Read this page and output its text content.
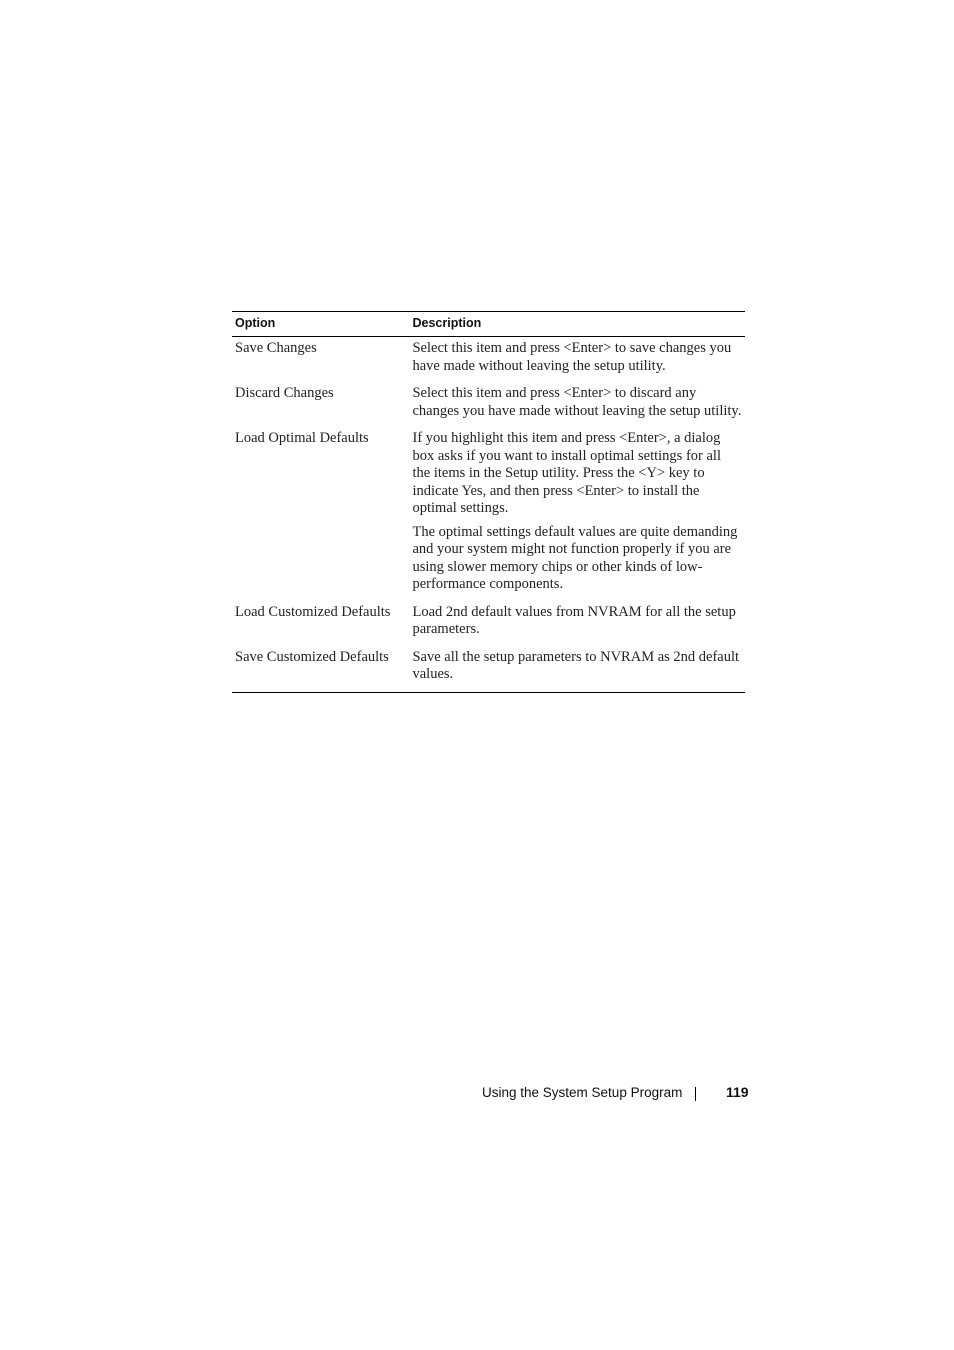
Option	Description
Save Changes	Select this item and press <Enter> to save changes you have made without leaving the setup utility.

Discard Changes	Select this item and press <Enter> to discard any changes you have made without leaving the setup utility.

Load Optimal Defaults	If you highlight this item and press <Enter>, a dialog box asks if you want to install optimal settings for all the items in the Setup utility. Press the <Y> key to indicate Yes, and then press <Enter> to install the optimal settings.

The optimal settings default values are quite demanding and your system might not function properly if you are using slower memory chips or other kinds of low-performance components.

Load Customized Defaults	Load 2nd default values from NVRAM for all the setup parameters.

Save Customized Defaults	Save all the setup parameters to NVRAM as 2nd default values.

Using the System Setup Program	119
